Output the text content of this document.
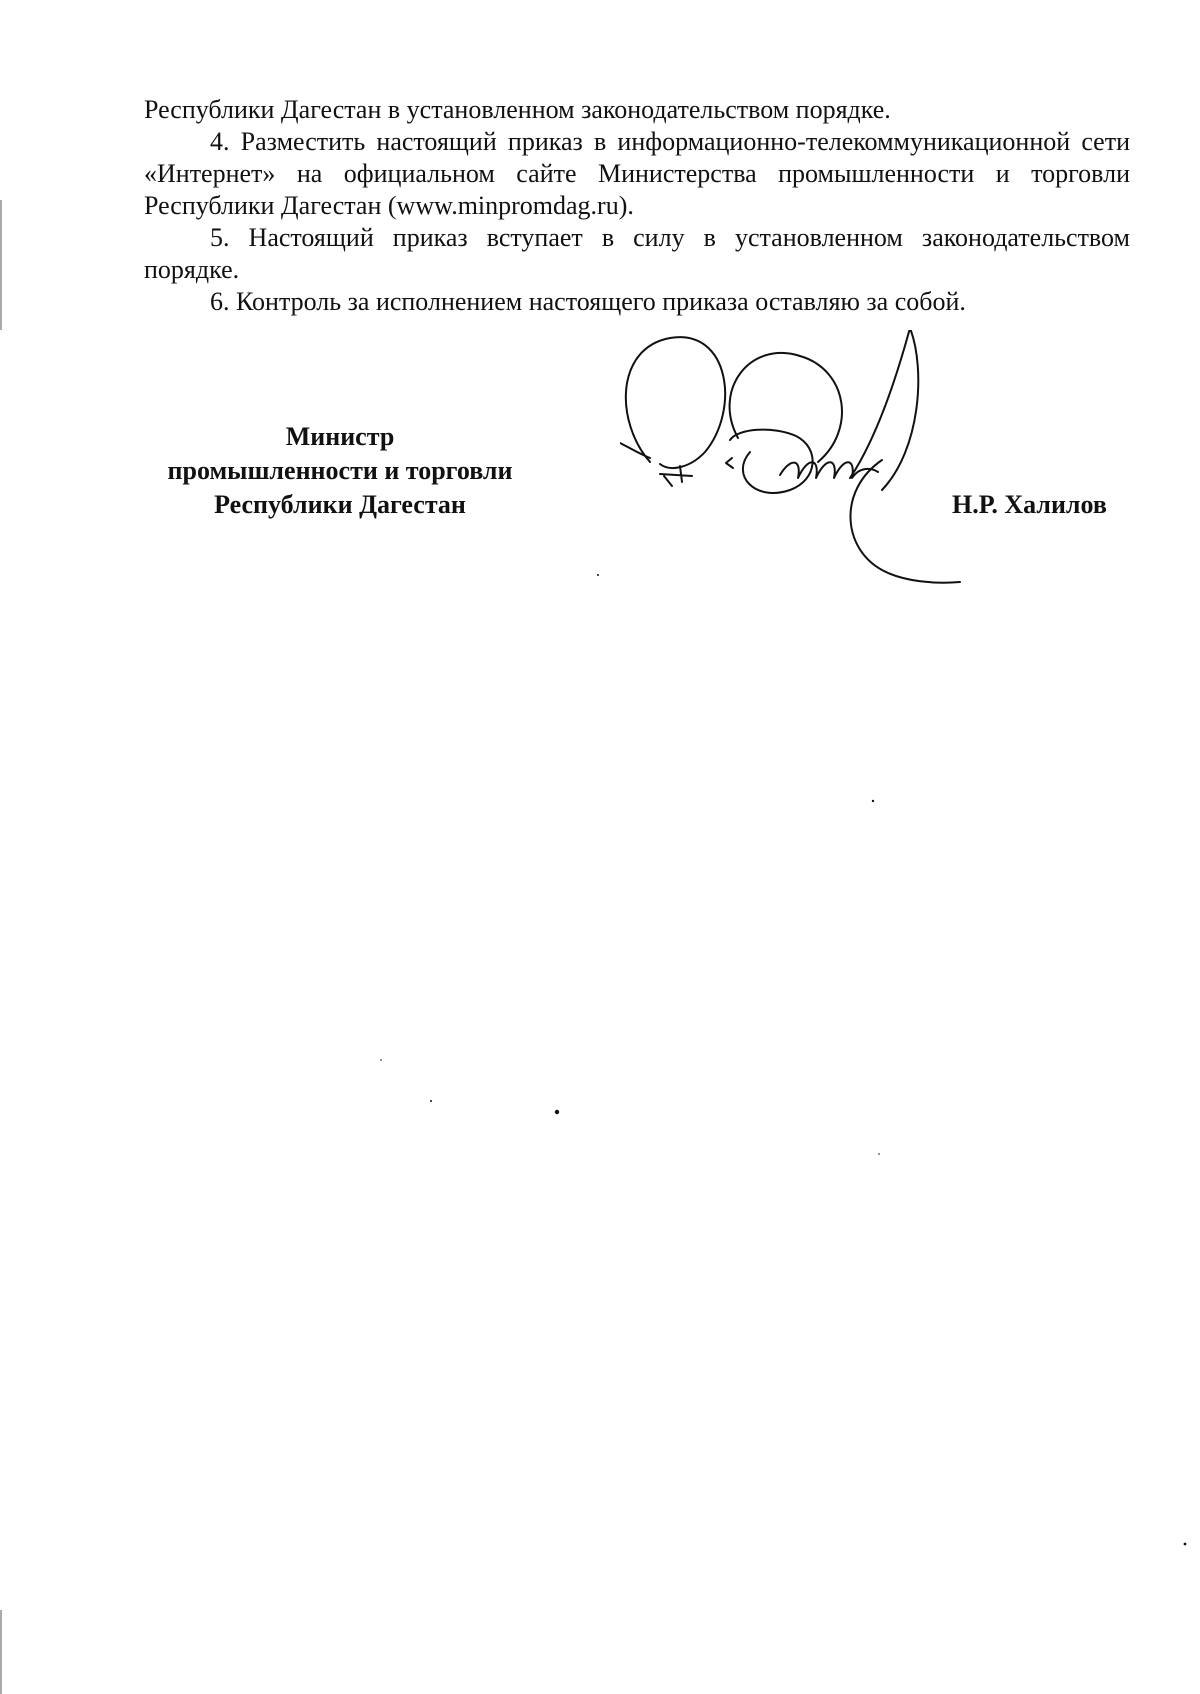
Республики Дагестан в установленном законодательством порядке.

4. Разместить настоящий приказ в информационно-телекоммуникационной сети «Интернет» на официальном сайте Министерства промышленности и торговли Республики Дагестан (www.minpromdag.ru).

5. Настоящий приказ вступает в силу в установленном законодательством порядке.

6. Контроль за исполнением настоящего приказа оставляю за собой.

Министр
промышленности и торговли
Республики Дагестан	Н.Р. Халилов
